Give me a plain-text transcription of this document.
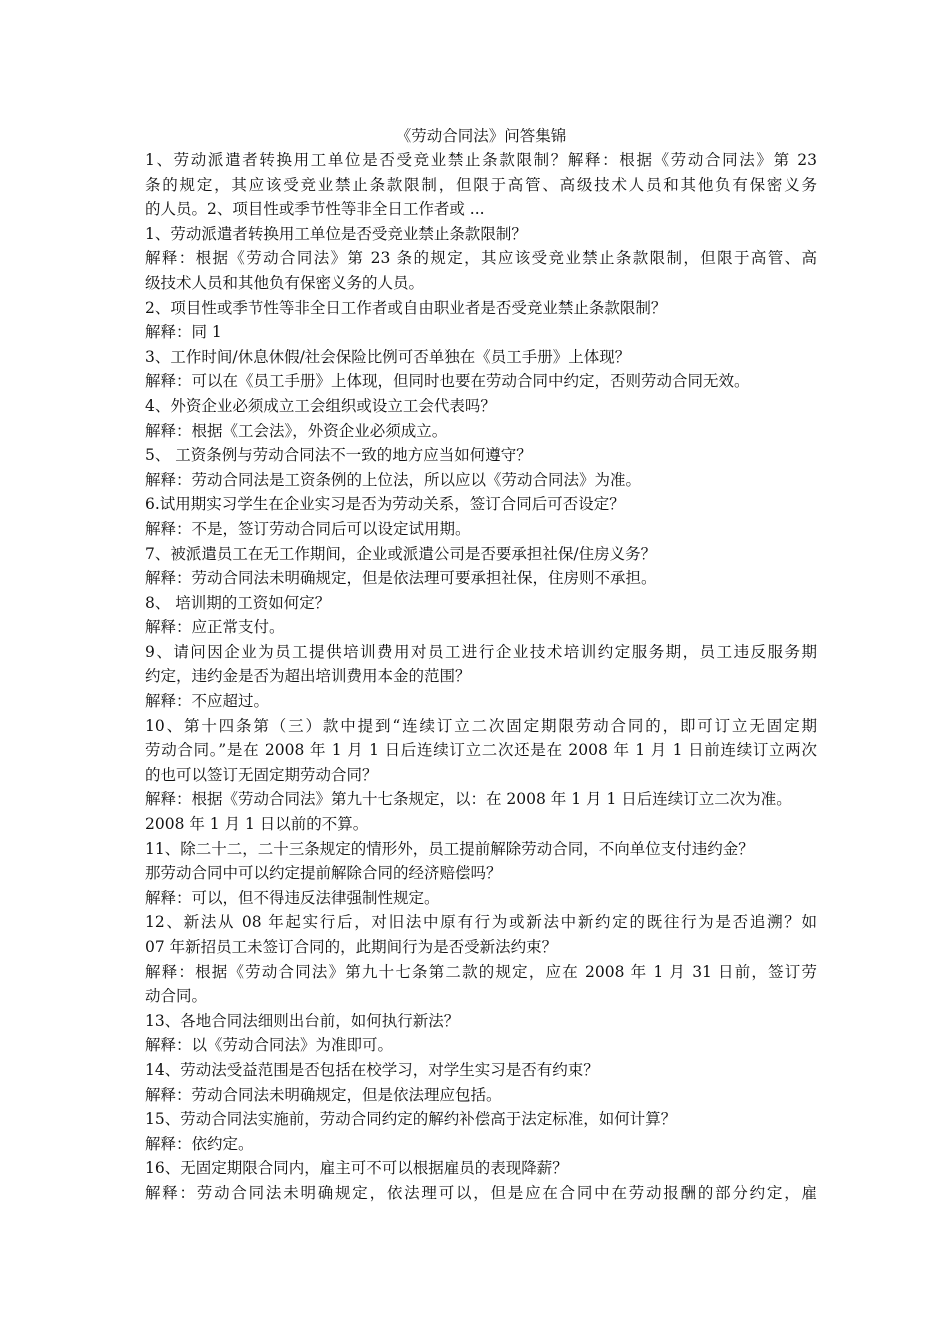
《劳动合同法》问答集锦

1、劳动派遣者转换用工单位是否受竞业禁止条款限制？解释：根据《劳动合同法》第 23

条的规定，其应该受竞业禁止条款限制，但限于高管、高级技术人员和其他负有保密义务

的人员。2、项目性或季节性等非全日工作者或 ...

1、劳动派遣者转换用工单位是否受竞业禁止条款限制？

解释：根据《劳动合同法》第 23 条的规定，其应该受竞业禁止条款限制，但限于高管、高

级技术人员和其他负有保密义务的人员。

2、项目性或季节性等非全日工作者或自由职业者是否受竞业禁止条款限制？

解释：同 1

3、工作时间/休息休假/社会保险比例可否单独在《员工手册》上体现？

解释：可以在《员工手册》上体现，但同时也要在劳动合同中约定，否则劳动合同无效。

4、外资企业必须成立工会组织或设立工会代表吗？

解释：根据《工会法》，外资企业必须成立。

5、 工资条例与劳动合同法不一致的地方应当如何遵守？

解释：劳动合同法是工资条例的上位法，所以应以《劳动合同法》为准。

6.试用期实习学生在企业实习是否为劳动关系，签订合同后可否设定？

解释：不是，签订劳动合同后可以设定试用期。

7、被派遣员工在无工作期间，企业或派遣公司是否要承担社保/住房义务？

解释：劳动合同法未明确规定，但是依法理可要承担社保，住房则不承担。

8、 培训期的工资如何定？

解释：应正常支付。

9、请问因企业为员工提供培训费用对员工进行企业技术培训约定服务期，员工违反服务期

约定，违约金是否为超出培训费用本金的范围？

解释：不应超过。

10、第十四条第（三）款中提到“连续订立二次固定期限劳动合同的，即可订立无固定期

劳动合同。”是在 2008 年 1 月 1 日后连续订立二次还是在 2008 年 1 月 1 日前连续订立两次

的也可以签订无固定期劳动合同？

解释：根据《劳动合同法》第九十七条规定，以：在 2008 年 1 月 1 日后连续订立二次为准。

2008 年 1 月 1 日以前的不算。

11、除二十二，二十三条规定的情形外，员工提前解除劳动合同，不向单位支付违约金？

那劳动合同中可以约定提前解除合同的经济赔偿吗？

解释：可以，但不得违反法律强制性规定。

12、新法从 08 年起实行后，对旧法中原有行为或新法中新约定的既往行为是否追溯？如

07 年新招员工未签订合同的，此期间行为是否受新法约束？

解释：根据《劳动合同法》第九十七条第二款的规定，应在 2008 年 1 月 31 日前，签订劳

动合同。

13、各地合同法细则出台前，如何执行新法？

解释：以《劳动合同法》为准即可。

14、劳动法受益范围是否包括在校学习，对学生实习是否有约束？

解释：劳动合同法未明确规定，但是依法理应包括。

15、劳动合同法实施前，劳动合同约定的解约补偿高于法定标准，如何计算？

解释：依约定。

16、无固定期限合同内，雇主可不可以根据雇员的表现降薪？

解释：劳动合同法未明确规定，依法理可以，但是应在合同中在劳动报酬的部分约定，雇
